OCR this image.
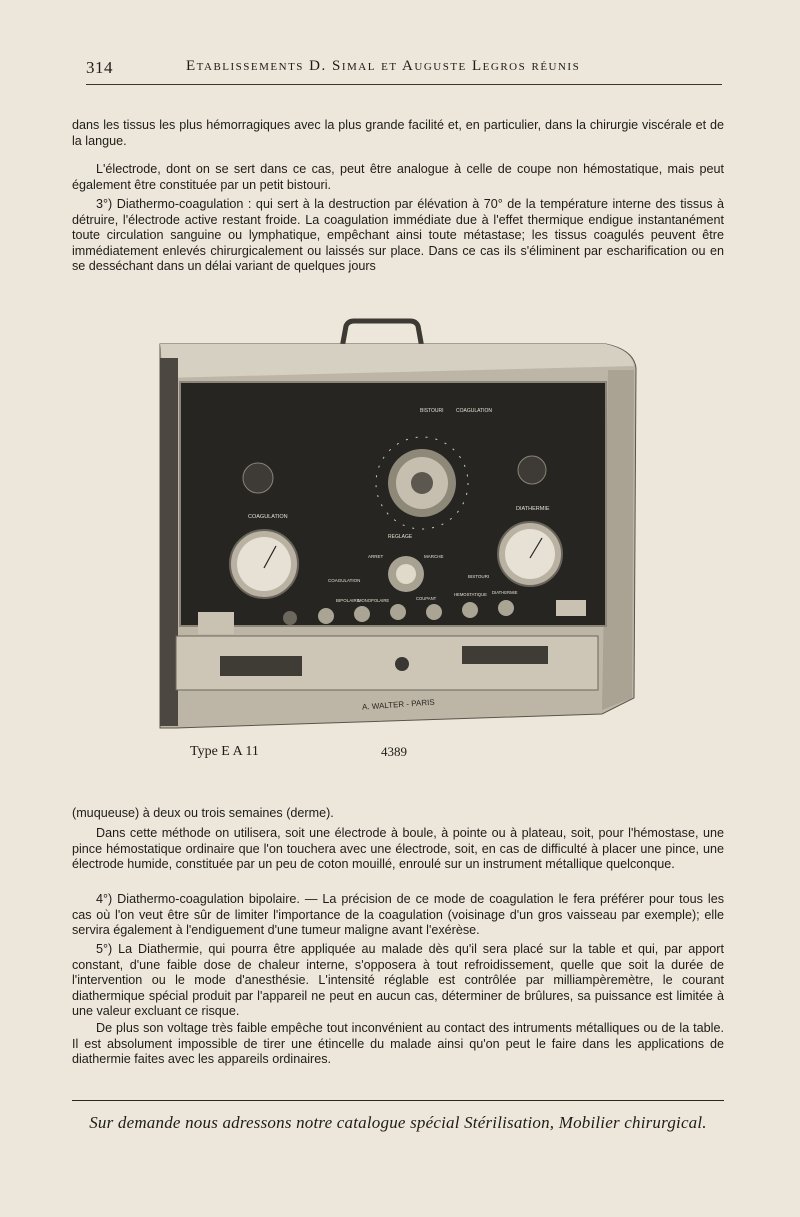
314	Etablissements D. Simal et Auguste Legros réunis

dans les tissus les plus hémorragiques avec la plus grande facilité et, en particulier, dans la chirurgie viscérale et de la langue.

L'électrode, dont on se sert dans ce cas, peut être analogue à celle de coupe non hémostatique, mais peut également être constituée par un petit bistouri.

3°) Diathermo-coagulation : qui sert à la destruction par élévation à 70° de la température interne des tissus à détruire, l'électrode active restant froide. La coagulation immédiate due à l'effet thermique endigue instantanément toute circulation sanguine ou lymphatique, empêchant ainsi toute métastase; les tissus coagulés peuvent être immédiatement enlevés chirurgicalement ou laissés sur place. Dans ce cas ils s'éliminent par escharification ou en se desséchant dans un délai variant de quelques jours

BISTOURI COAGULATION
COAGULATION
DIATHERMIE
REGLAGE
ARRET	MARCHE
COAGULATION
BIPOLAIRE
BISTOURI
MONOPOLAIRE	COUPANT
HEMOSTATIQUE DIATHERMIE
A. WALTER - PARIS
Type E A 11	4389

(muqueuse) à deux ou trois semaines (derme).

Dans cette méthode on utilisera, soit une électrode à boule, à pointe ou à plateau, soit, pour l'hémostase, une pince hémostatique ordinaire que l'on touchera avec une électrode, soit, en cas de difficulté à placer une pince, une électrode humide, constituée par un peu de coton mouillé, enroulé sur un instrument métallique quelconque.

4°) Diathermo-coagulation bipolaire. — La précision de ce mode de coagulation le fera préférer pour tous les cas où l'on veut être sûr de limiter l'importance de la coagulation (voisinage d'un gros vaisseau par exemple); elle servira également à l'endiguement d'une tumeur maligne avant l'exérèse.

5°) La Diathermie, qui pourra être appliquée au malade dès qu'il sera placé sur la table et qui, par apport constant, d'une faible dose de chaleur interne, s'opposera à tout refroidissement, quelle que soit la durée de l'intervention ou le mode d'anesthésie. L'intensité réglable est contrôlée par milliampèremètre, le courant diathermique spécial produit par l'appareil ne peut en aucun cas, déterminer de brûlures, sa puissance est limitée à une valeur excluant ce risque.

De plus son voltage très faible empêche tout inconvénient au contact des intruments métalliques ou de la table. Il est absolument impossible de tirer une étincelle du malade ainsi qu'on peut le faire dans les applications de diathermie faites avec les appareils ordinaires.

Sur demande nous adressons notre catalogue spécial Stérilisation, Mobilier chirurgical.
